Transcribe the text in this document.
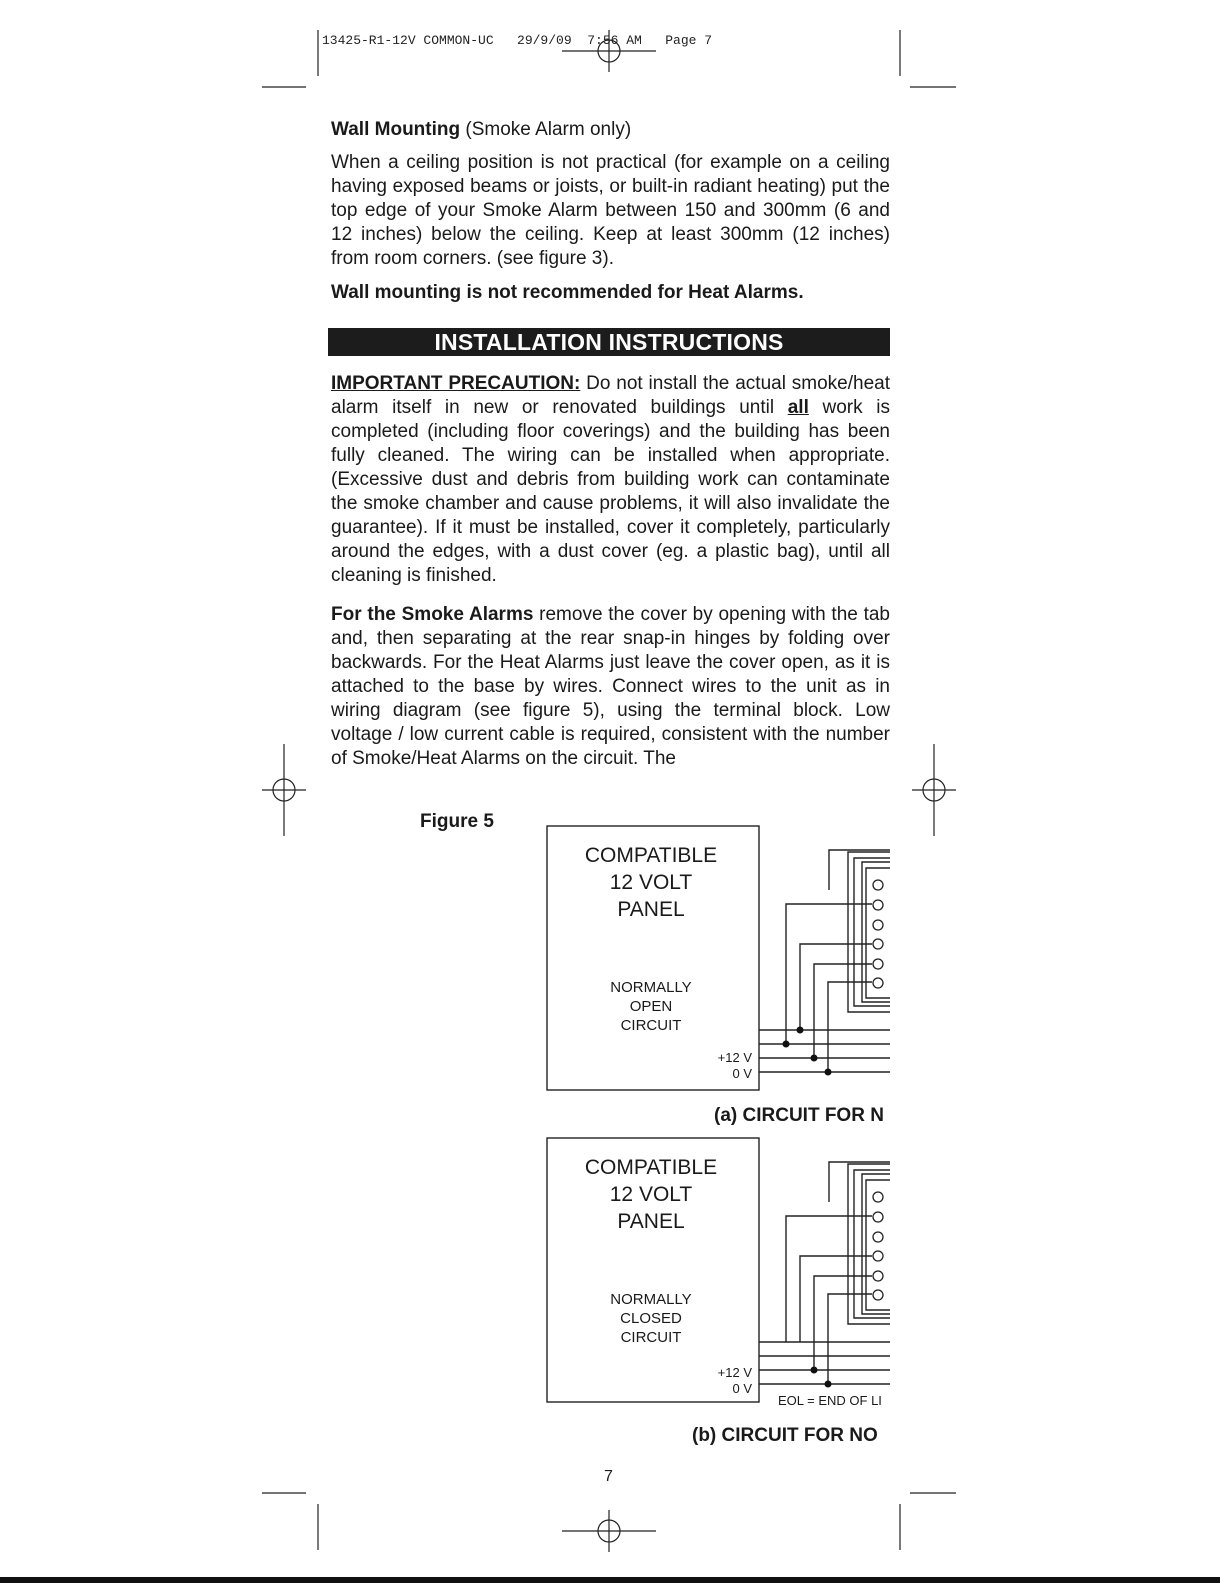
13425-R1-12V COMMON-UC   29/9/09  7:56 AM   Page 7

Wall Mounting (Smoke Alarm only)

When a ceiling position is not practical (for example on a ceiling having exposed beams or joists, or built-in radiant heating) put the top edge of your Smoke Alarm between 150 and 300mm (6 and 12 inches) below the ceiling. Keep at least 300mm (12 inches) from room corners. (see figure 3).

Wall mounting is not recommended for Heat Alarms.

IMPORTANT PRECAUTION: Do not install the actual smoke/heat alarm itself in new or renovated buildings until all work is completed (including floor coverings) and the building has been fully cleaned. The wiring can be installed when appropriate. (Excessive dust and debris from building work can contaminate the smoke chamber and cause problems, it will also invalidate the guarantee). If it must be installed, cover it completely, particularly around the edges, with a dust cover (eg. a plastic bag), until all cleaning is finished.

For the Smoke Alarms remove the cover by opening with the tab and, then separating at the rear snap-in hinges by folding over backwards. For the Heat Alarms just leave the cover open, as it is attached to the base by wires. Connect wires to the unit as in wiring diagram (see figure 5), using the terminal block. Low voltage / low current cable is required, consistent with the number of Smoke/Heat Alarms on the circuit. The

INSTALLATION INSTRUCTIONS
Figure 5
COMPATIBLE
12 VOLT
PANEL
NORMALLY
OPEN
CIRCUIT
+12 V
0 V
(a) CIRCUIT FOR N
COMPATIBLE
12 VOLT
PANEL
NORMALLY
CLOSED
CIRCUIT
+12 V
0 V
EOL = END OF LI
(b) CIRCUIT FOR NO
7
